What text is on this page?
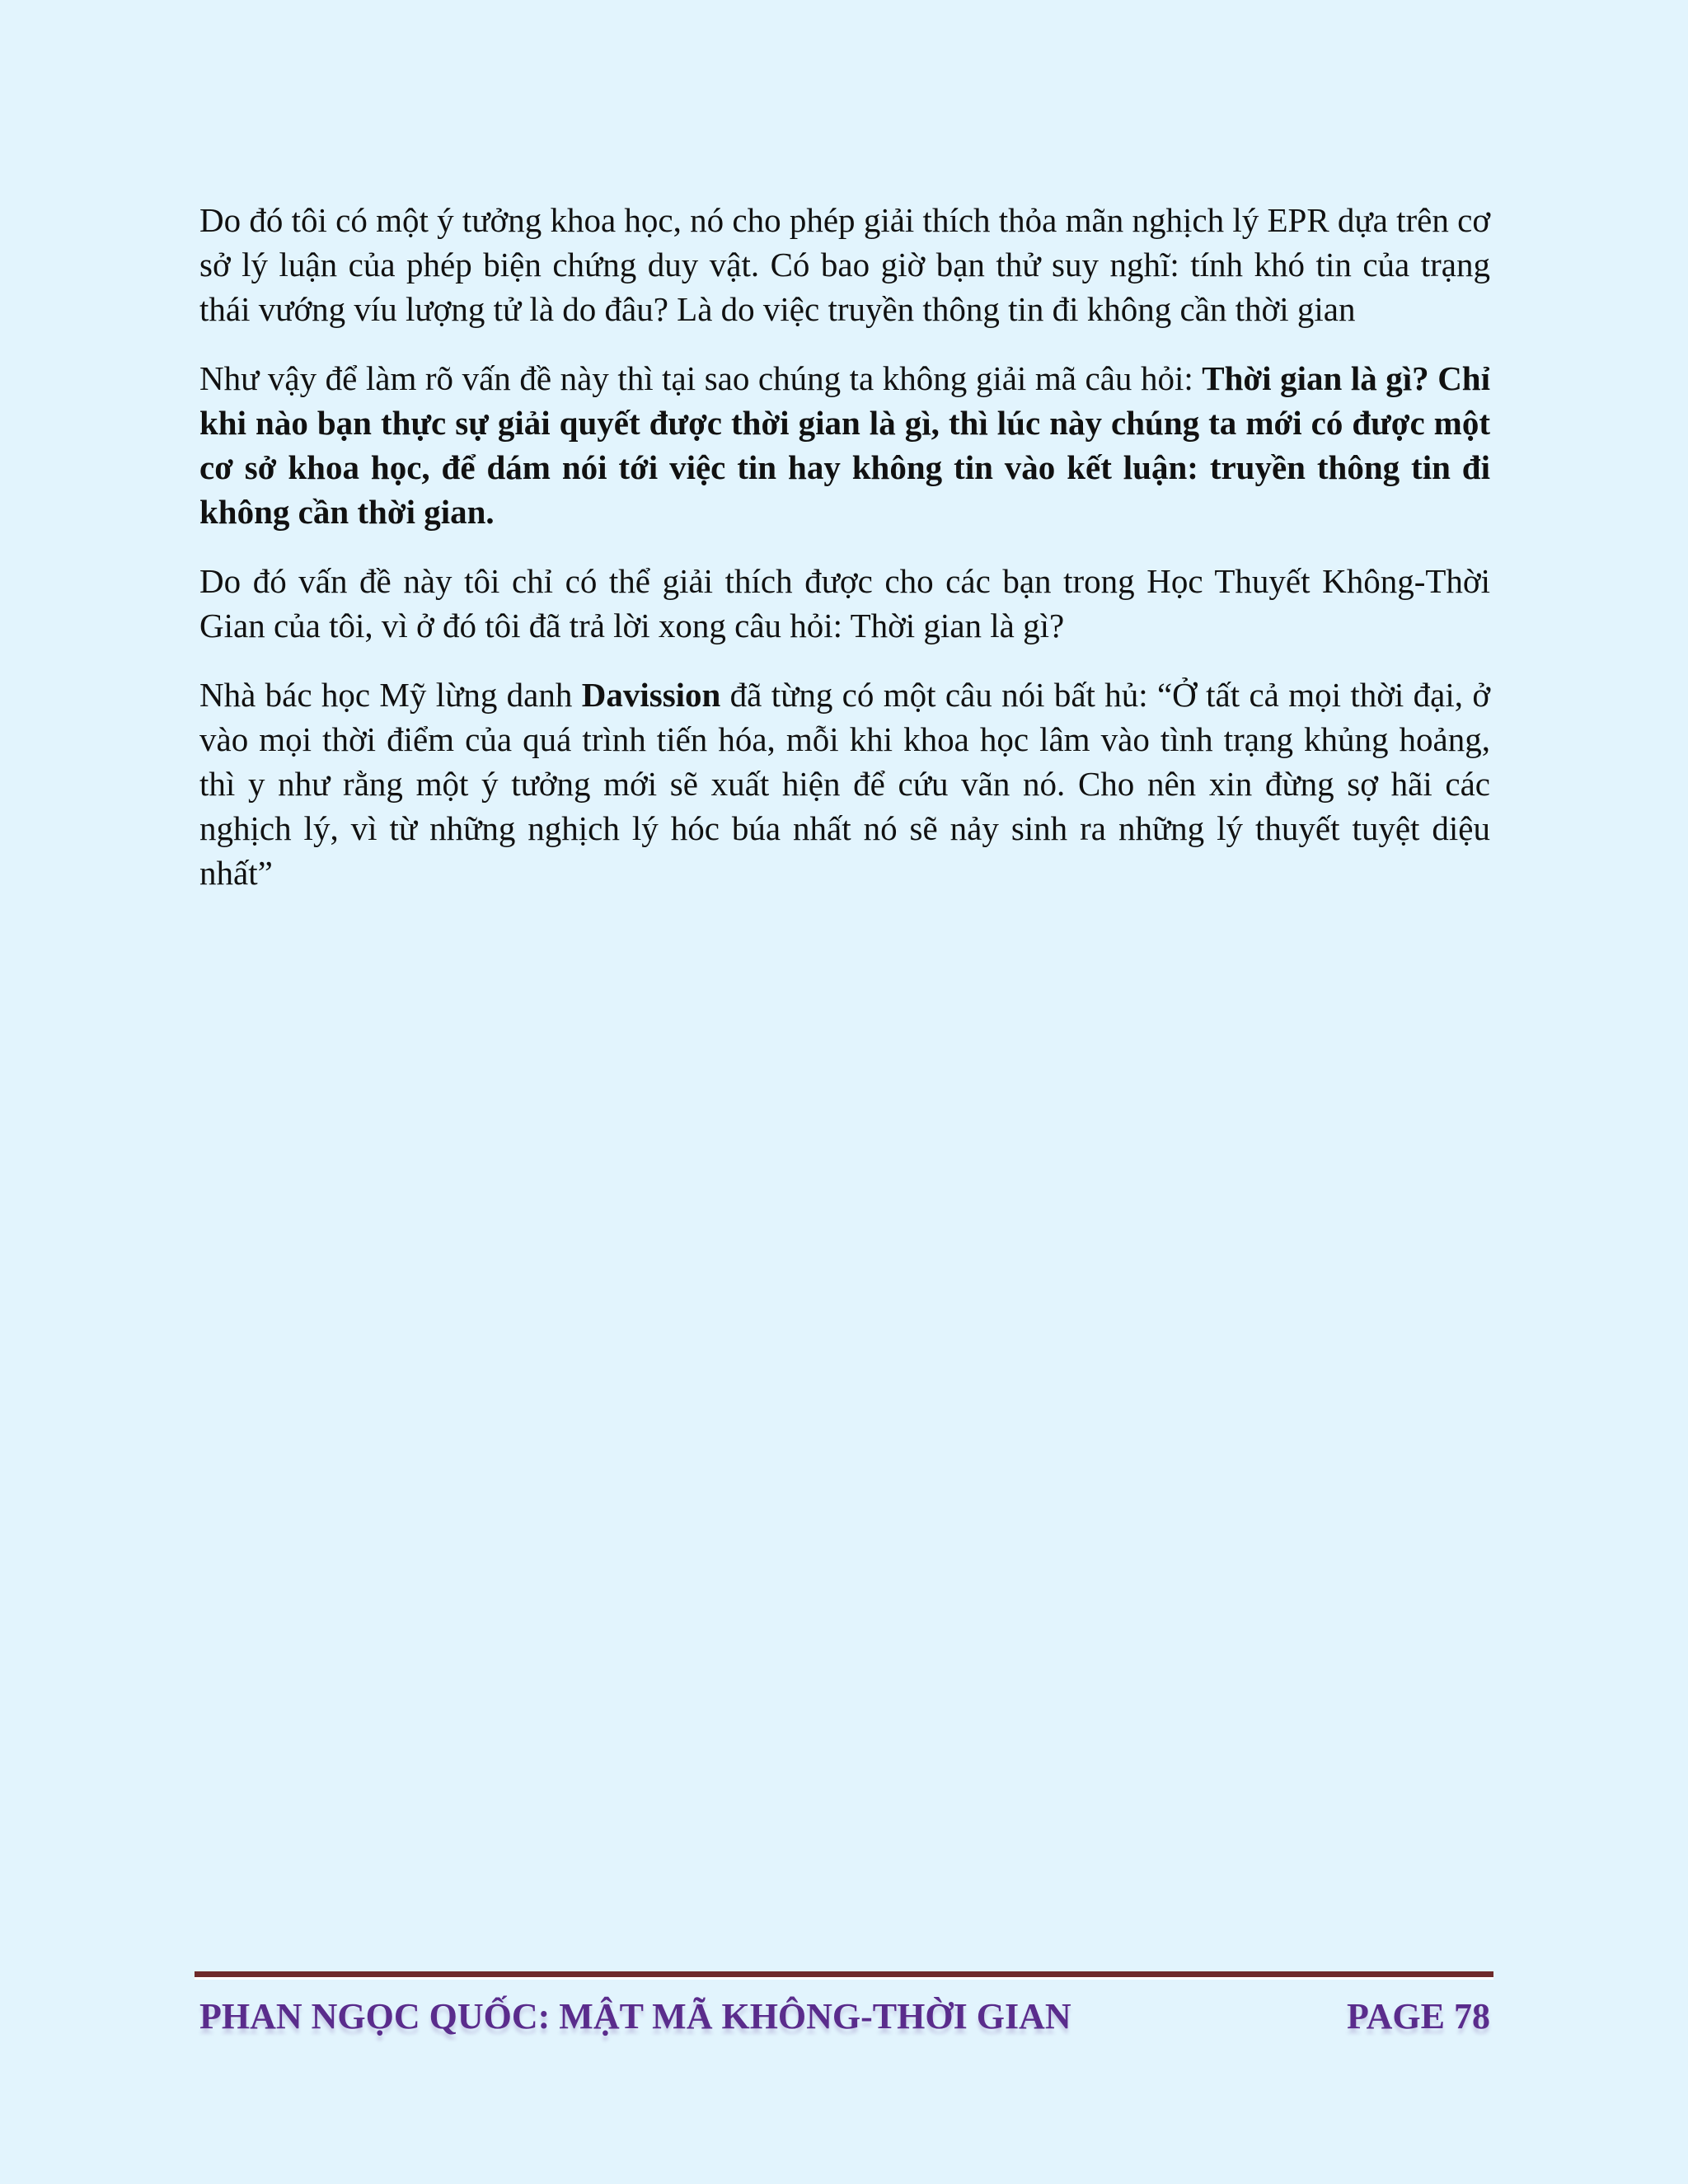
Do đó tôi có một ý tưởng khoa học, nó cho phép giải thích thỏa mãn nghịch lý EPR dựa trên cơ sở lý luận của phép biện chứng duy vật. Có bao giờ bạn thử suy nghĩ: tính khó tin của trạng thái vướng víu lượng tử là do đâu? Là do việc truyền thông tin đi không cần thời gian

Như vậy để làm rõ vấn đề này thì tại sao chúng ta không giải mã câu hỏi: Thời gian là gì? Chỉ khi nào bạn thực sự giải quyết được thời gian là gì, thì lúc này chúng ta mới có được một cơ sở khoa học, để dám nói tới việc tin hay không tin vào kết luận: truyền thông tin đi không cần thời gian.

Do đó vấn đề này tôi chỉ có thể giải thích được cho các bạn trong Học Thuyết Không-Thời Gian của tôi, vì ở đó tôi đã trả lời xong câu hỏi: Thời gian là gì?

Nhà bác học Mỹ lừng danh Davission đã từng có một câu nói bất hủ: “Ở tất cả mọi thời đại, ở vào mọi thời điểm của quá trình tiến hóa, mỗi khi khoa học lâm vào tình trạng khủng hoảng, thì y như rằng một ý tưởng mới sẽ xuất hiện để cứu vãn nó. Cho nên xin đừng sợ hãi các nghịch lý, vì từ những nghịch lý hóc búa nhất nó sẽ nảy sinh ra những lý thuyết tuyệt diệu nhất”

PHAN NGỌC QUỐC: MẬT MÃ KHÔNG-THỜI GIAN	PAGE 78
